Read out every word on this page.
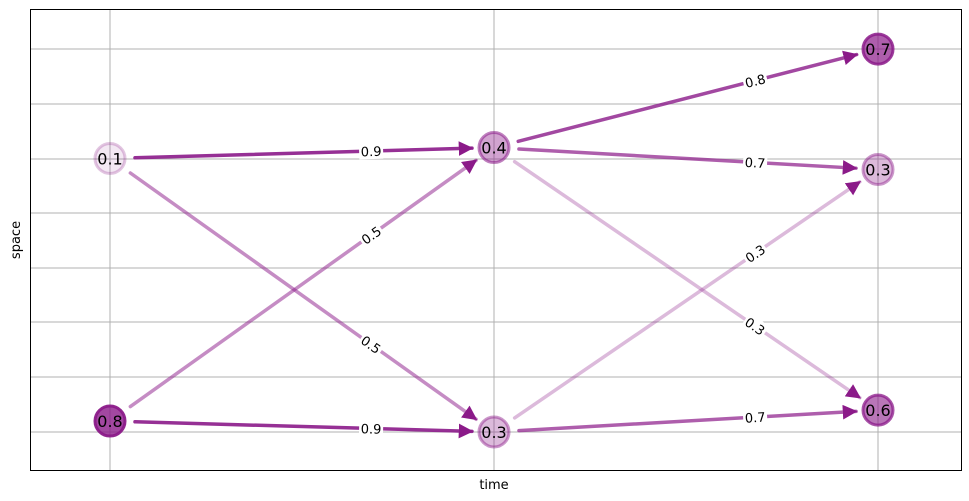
0.9
0.5
0.5
0.9
0.8
0.7
0.3
0.3
0.7
0.1
0.8
0.4
0.3
0.7
0.3
0.6
time
space
